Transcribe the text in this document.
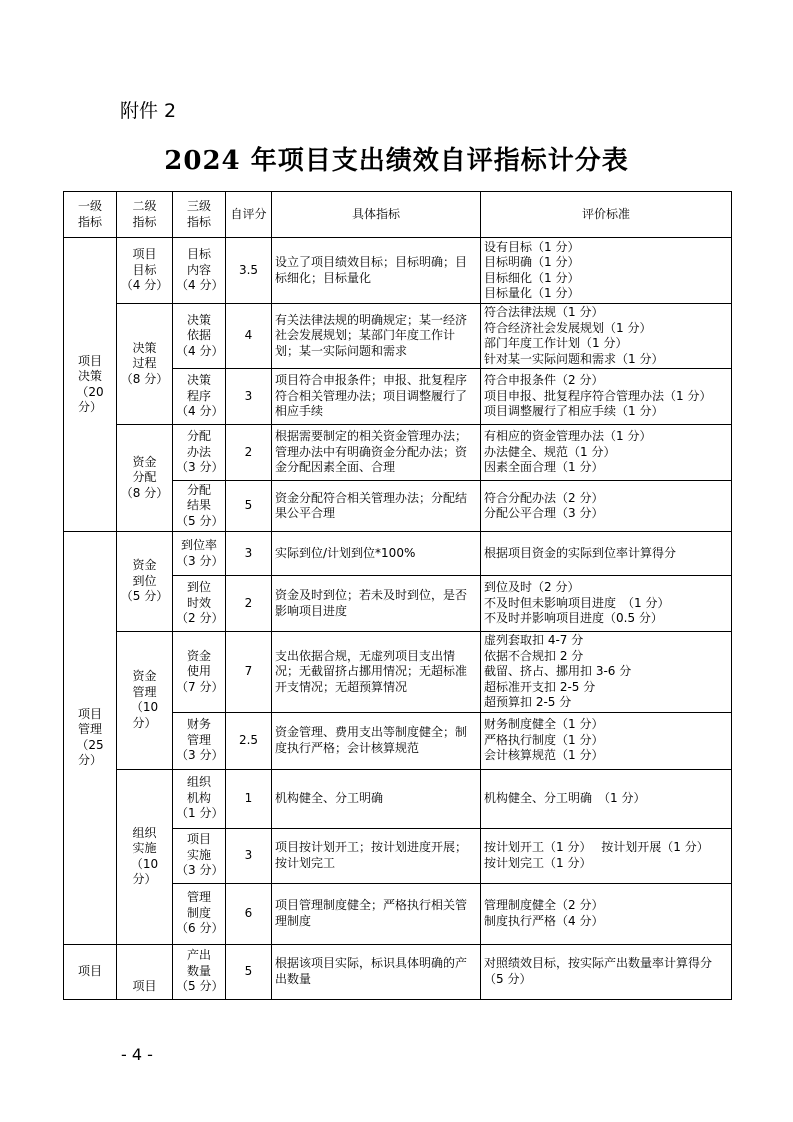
附件 2
2024 年项目支出绩效自评指标计分表
一级
指标	二级
指标	三级
指标	自评分	具体指标	评价标准
项目
决策
（20
分）	项目
目标
（4 分）	目标
内容
（4 分）	3.5	设立了项目绩效目标；目标明确；目标细化；目标量化	设有目标（1 分）
目标明确（1 分）
目标细化（1 分）
目标量化（1 分）
	决策
过程
（8 分）	决策
依据
（4 分）	4	有关法律法规的明确规定；某一经济社会发展规划；某部门年度工作计划；某一实际问题和需求	符合法律法规（1 分）
符合经济社会发展规划（1 分）
部门年度工作计划（1 分）
针对某一实际问题和需求（1 分）
		决策
程序
（4 分）	3	项目符合申报条件；申报、批复程序符合相关管理办法；项目调整履行了相应手续	符合申报条件（2 分）
项目申报、批复程序符合管理办法（1 分）
项目调整履行了相应手续（1 分）
	资金
分配
（8 分）	分配
办法
（3 分）	2	根据需要制定的相关资金管理办法；管理办法中有明确资金分配办法；资金分配因素全面、合理	有相应的资金管理办法（1 分）
办法健全、规范（1 分）
因素全面合理（1 分）
		分配
结果
（5 分）	5	资金分配符合相关管理办法；分配结果公平合理	符合分配办法（2 分）
分配公平合理（3 分）
项目
管理
（25
分）	资金
到位
（5 分）	到位率
（3 分）	3	实际到位/计划到位*100%	根据项目资金的实际到位率计算得分
		到位
时效
（2 分）	2	资金及时到位；若未及时到位，是否影响项目进度	到位及时（2 分）
不及时但未影响项目进度　（1 分）
不及时并影响项目进度（0.5 分）
	资金
管理
（10 分）	资金
使用
（7 分）	7	支出依据合规，无虚列项目支出情况；无截留挤占挪用情况；无超标准开支情况；无超预算情况	虚列套取扣 4-7 分
依据不合规扣 2 分
截留、挤占、挪用扣 3-6 分
超标准开支扣 2-5 分
超预算扣 2-5 分
		财务
管理
（3 分）	2.5	资金管理、费用支出等制度健全；制度执行严格；会计核算规范	财务制度健全（1 分）
严格执行制度（1 分）
会计核算规范（1 分）
	组织
实施
（10 分）	组织
机构
（1 分）	1	机构健全、分工明确	机构健全、分工明确　（1 分）
		项目
实施
（3 分）	3	项目按计划开工；按计划进度开展；按计划完工	按计划开工（1 分）　 按计划开展（1 分）
按计划完工（1 分）
		管理
制度
（6 分）	6	项目管理制度健全；严格执行相关管理制度	管理制度健全（2 分）
制度执行严格（4 分）
项目	项目	产出
数量
（5 分）	5	根据该项目实际，标识具体明确的产出数量	对照绩效目标，按实际产出数量率计算得分（5 分）
- 4 -
